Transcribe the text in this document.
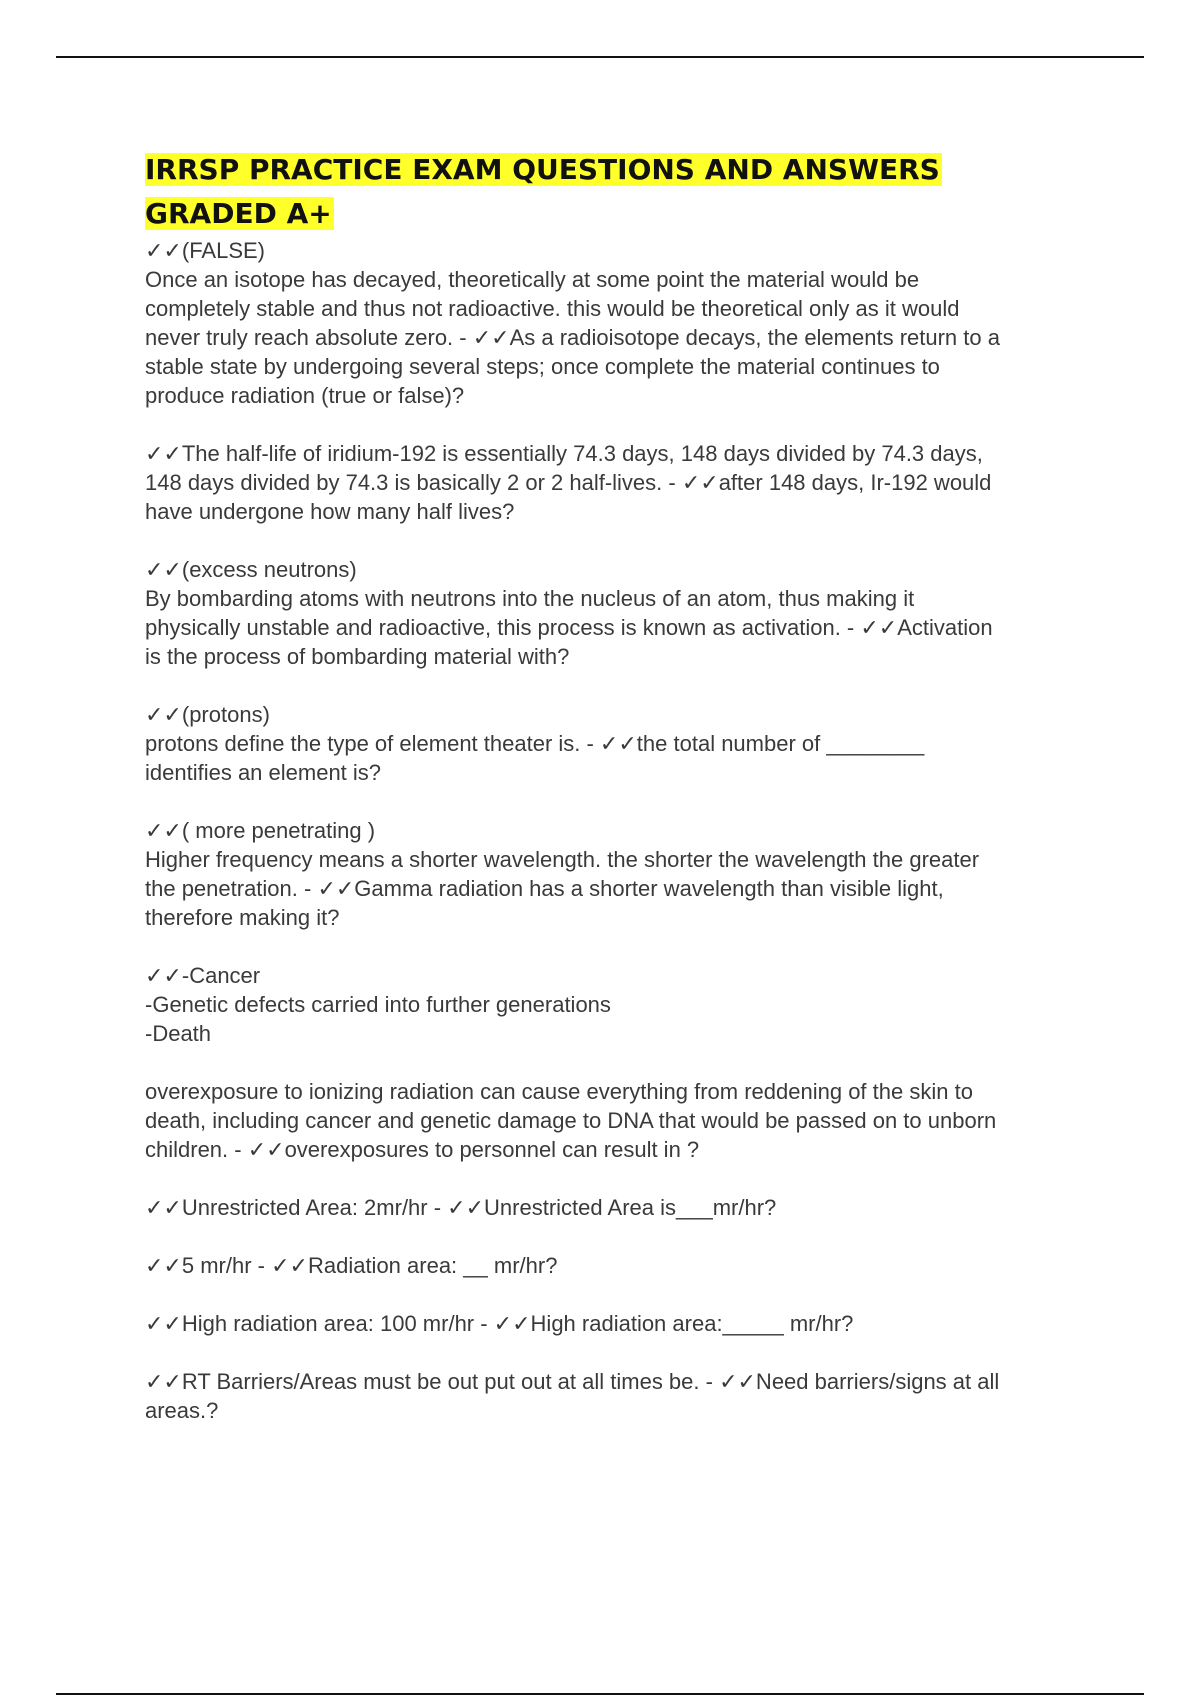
IRRSP PRACTICE EXAM QUESTIONS AND ANSWERS
GRADED A+
✓✓(FALSE)
Once an isotope has decayed, theoretically at some point the material would be
completely stable and thus not radioactive. this would be theoretical only as it would
never truly reach absolute zero. - ✓✓As a radioisotope decays, the elements return to a
stable state by undergoing several steps; once complete the material continues to
produce radiation (true or false)?
✓✓The half-life of iridium-192 is essentially 74.3 days, 148 days divided by 74.3 days,
148 days divided by 74.3 is basically 2 or 2 half-lives. - ✓✓after 148 days, Ir-192 would
have undergone how many half lives?
✓✓(excess neutrons)
By bombarding atoms with neutrons into the nucleus of an atom, thus making it
physically unstable and radioactive, this process is known as activation. - ✓✓Activation
is the process of bombarding material with?
✓✓(protons)
protons define the type of element theater is. - ✓✓the total number of ________
identifies an element is?
✓✓( more penetrating )
Higher frequency means a shorter wavelength. the shorter the wavelength the greater
the penetration. - ✓✓Gamma radiation has a shorter wavelength than visible light,
therefore making it?
✓✓-Cancer
-Genetic defects carried into further generations
-Death
overexposure to ionizing radiation can cause everything from reddening of the skin to
death, including cancer and genetic damage to DNA that would be passed on to unborn
children. - ✓✓overexposures to personnel can result in ?
✓✓Unrestricted Area: 2mr/hr - ✓✓Unrestricted Area is___mr/hr?
✓✓5 mr/hr - ✓✓Radiation area: __ mr/hr?
✓✓High radiation area: 100 mr/hr - ✓✓High radiation area:_____ mr/hr?
✓✓RT Barriers/Areas must be out put out at all times be. - ✓✓Need barriers/signs at all
areas.?
